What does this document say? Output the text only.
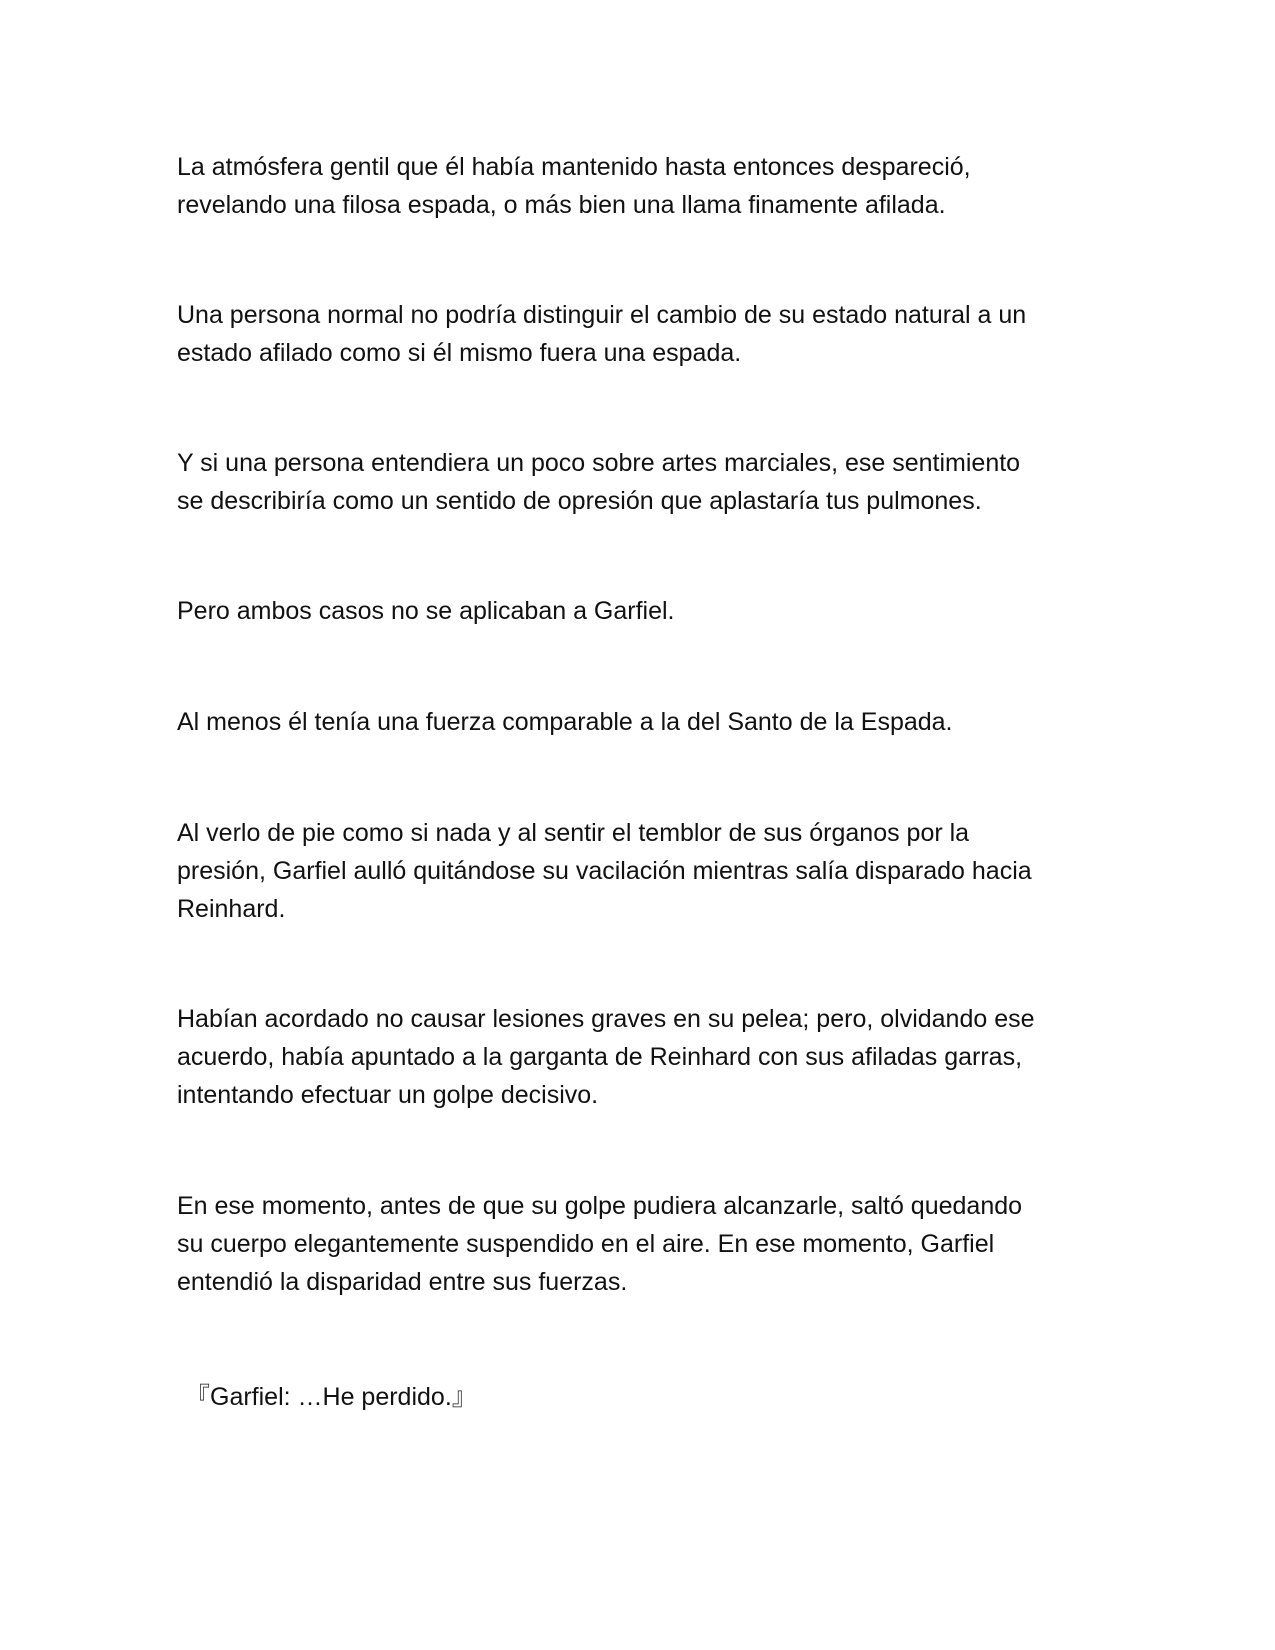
La atmósfera gentil que él había mantenido hasta entonces despareció,
revelando una filosa espada, o más bien una llama finamente afilada.

Una persona normal no podría distinguir el cambio de su estado natural a un
estado afilado como si él mismo fuera una espada.

Y si una persona entendiera un poco sobre artes marciales, ese sentimiento
se describiría como un sentido de opresión que aplastaría tus pulmones.

Pero ambos casos no se aplicaban a Garfiel.

Al menos él tenía una fuerza comparable a la del Santo de la Espada.

Al verlo de pie como si nada y al sentir el temblor de sus órganos por la
presión, Garfiel aulló quitándose su vacilación mientras salía disparado hacia
Reinhard.

Habían acordado no causar lesiones graves en su pelea; pero, olvidando ese
acuerdo, había apuntado a la garganta de Reinhard con sus afiladas garras,
intentando efectuar un golpe decisivo.

En ese momento, antes de que su golpe pudiera alcanzarle, saltó quedando
su cuerpo elegantemente suspendido en el aire. En ese momento, Garfiel
entendió la disparidad entre sus fuerzas.

『Garfiel: …He perdido.』
